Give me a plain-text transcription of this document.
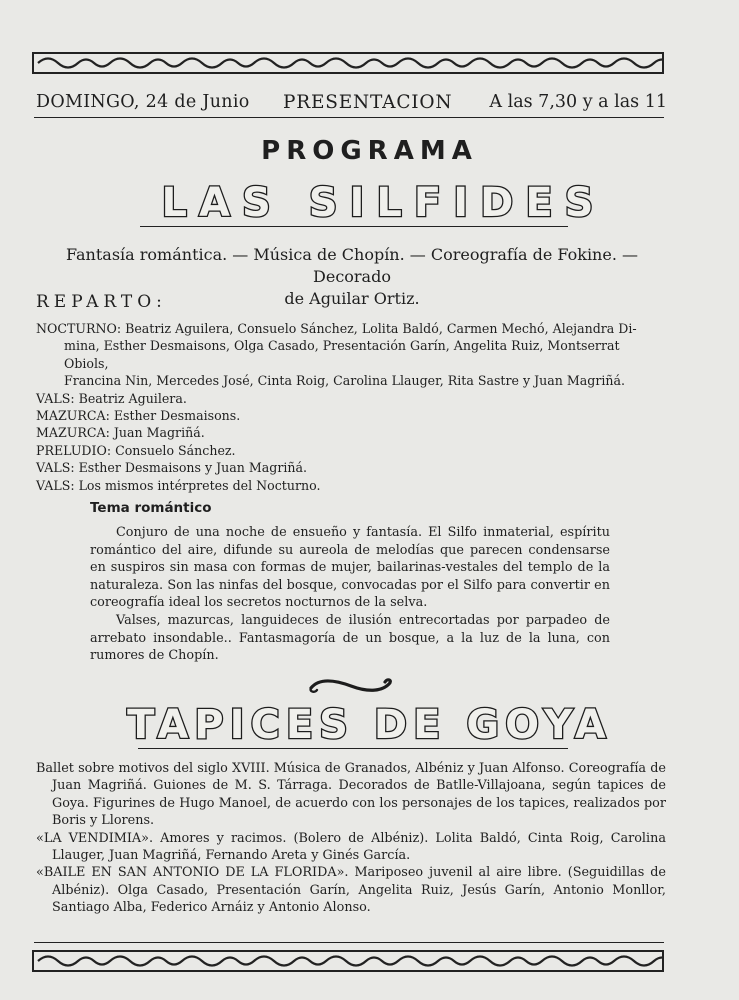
DOMINGO, 24 de Junio PRESENTACION A las 7,30 y a las 11
PROGRAMA
LAS SILFIDES
Fantasía romántica. — Música de Chopín. — Coreografía de Fokine. — Decorado
de Aguilar Ortiz.
REPARTO:
NOCTURNO: Beatriz Aguilera, Consuelo Sánchez, Lolita Baldó, Carmen Mechó, Alejandra Di-
mina, Esther Desmaisons, Olga Casado, Presentación Garín, Angelita Ruiz, Montserrat Obiols,
Francina Nin, Mercedes José, Cinta Roig, Carolina Llauger, Rita Sastre y Juan Magriñá.
VALS: Beatriz Aguilera.
MAZURCA: Esther Desmaisons.
MAZURCA: Juan Magriñá.
PRELUDIO: Consuelo Sánchez.
VALS: Esther Desmaisons y Juan Magriñá.
VALS: Los mismos intérpretes del Nocturno.
Tema romántico

Conjuro de una noche de ensueño y fantasía. El Silfo inmaterial, espíritu romántico del aire, difunde su aureola de melodías que parecen condensarse en suspiros sin masa con formas de mujer, bailarinas-vestales del templo de la naturaleza. Son las ninfas del bosque, convocadas por el Silfo para convertir en coreografía ideal los secretos nocturnos de la selva.

Valses, mazurcas, languideces de ilusión entrecortadas por parpadeo de arrebato insondable.. Fantasmagoría de un bosque, a la luz de la luna, con rumores de Chopín.

TAPICES DE GOYA

Ballet sobre motivos del siglo XVIII. Música de Granados, Albéniz y Juan Alfonso. Coreografía de Juan Magriñá. Guiones de M. S. Tárraga. Decorados de Batlle-Villajoana, según tapices de Goya. Figurines de Hugo Manoel, de acuerdo con los personajes de los tapices, realizados por Boris y Llorens.

«LA VENDIMIA». Amores y racimos. (Bolero de Albéniz). Lolita Baldó, Cinta Roig, Carolina Llauger, Juan Magriñá, Fernando Areta y Ginés García.

«BAILE EN SAN ANTONIO DE LA FLORIDA». Mariposeo juvenil al aire libre. (Seguidillas de Albéniz). Olga Casado, Presentación Garín, Angelita Ruiz, Jesús Garín, Antonio Monllor, Santiago Alba, Federico Arnáiz y Antonio Alonso.
